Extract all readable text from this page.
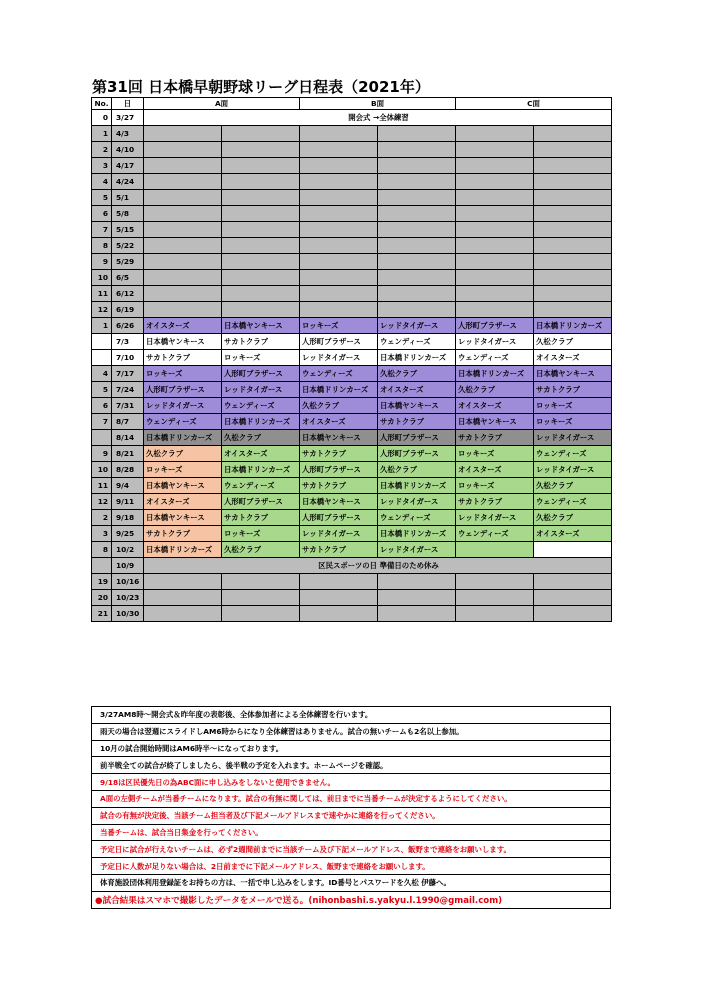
第31回 日本橋早朝野球リーグ日程表（2021年）
No.	日	A面		B面		C面	
0	3/27	開会式 →全体練習					
1	4/3						
2	4/10						
3	4/17						
4	4/24						
5	5/1						
6	5/8						
7	5/15						
8	5/22						
9	5/29						
10	6/5						
11	6/12						
12	6/19						
1	6/26	オイスターズ	日本橋ヤンキース	ロッキーズ	レッドタイガース	人形町ブラザース	日本橋ドリンカーズ
	7/3	日本橋ヤンキース	サカトクラブ	人形町ブラザース	ウェンディーズ	レッドタイガース	久松クラブ
	7/10	サカトクラブ	ロッキーズ	レッドタイガース	日本橋ドリンカーズ	ウェンディーズ	オイスターズ
4	7/17	ロッキーズ	人形町ブラザース	ウェンディーズ	久松クラブ	日本橋ドリンカーズ	日本橋ヤンキース
5	7/24	人形町ブラザース	レッドタイガース	日本橋ドリンカーズ	オイスターズ	久松クラブ	サカトクラブ
6	7/31	レッドタイガース	ウェンディーズ	久松クラブ	日本橋ヤンキース	オイスターズ	ロッキーズ
7	8/7	ウェンディーズ	日本橋ドリンカーズ	オイスターズ	サカトクラブ	日本橋ヤンキース	ロッキーズ
	8/14	日本橋ドリンカーズ	久松クラブ	日本橋ヤンキース	人形町ブラザース	サカトクラブ	レッドタイガース
9	8/21	久松クラブ	オイスターズ	サカトクラブ	人形町ブラザース	ロッキーズ	ウェンディーズ
10	8/28	ロッキーズ	日本橋ドリンカーズ	人形町ブラザース	久松クラブ	オイスターズ	レッドタイガース
11	9/4	日本橋ヤンキース	ウェンディーズ	サカトクラブ	日本橋ドリンカーズ	ロッキーズ	久松クラブ
12	9/11	オイスターズ	人形町ブラザース	日本橋ヤンキース	レッドタイガース	サカトクラブ	ウェンディーズ
2	9/18	日本橋ヤンキース	サカトクラブ	人形町ブラザース	ウェンディーズ	レッドタイガース	久松クラブ
3	9/25	サカトクラブ	ロッキーズ	レッドタイガース	日本橋ドリンカーズ	ウェンディーズ	オイスターズ
8	10/2	日本橋ドリンカーズ	久松クラブ	サカトクラブ	レッドタイガース		
	10/9	区民スポーツの日 準備日のため休み					
19	10/16						
20	10/23						
21	10/30						
3/27AM8時～開会式＆昨年度の表彰後、全体参加者による全体練習を行います。
雨天の場合は翌週にスライドしAM6時からになり全体練習はありません。試合の無いチームも2名以上参加。
10月の試合開始時間はAM6時半～になっております。
前半戦全ての試合が終了しましたら、後半戦の予定を入れます。ホームページを確認。
9/18は区民優先日の為ABC面に申し込みをしないと使用できません。
A面の左側チームが当番チームになります。試合の有無に関しては、前日までに当番チームが決定するようにしてください。
試合の有無が決定後、当該チーム担当者及び下記メールアドレスまで速やかに連絡を行ってください。
当番チームは、試合当日集金を行ってください。
予定日に試合が行えないチームは、必ず2週間前までに当該チーム及び下記メールアドレス、飯野まで連絡をお願いします。
予定日に人数が足りない場合は、2日前までに下記メールアドレス、飯野まで連絡をお願いします。
体育施設団体利用登録証をお持ちの方は、一括で申し込みをします。ID番号とパスワードを久松 伊藤へ。
●試合結果はスマホで撮影したデータをメールで送る。(nihonbashi.s.yakyu.l.1990@gmail.com)
